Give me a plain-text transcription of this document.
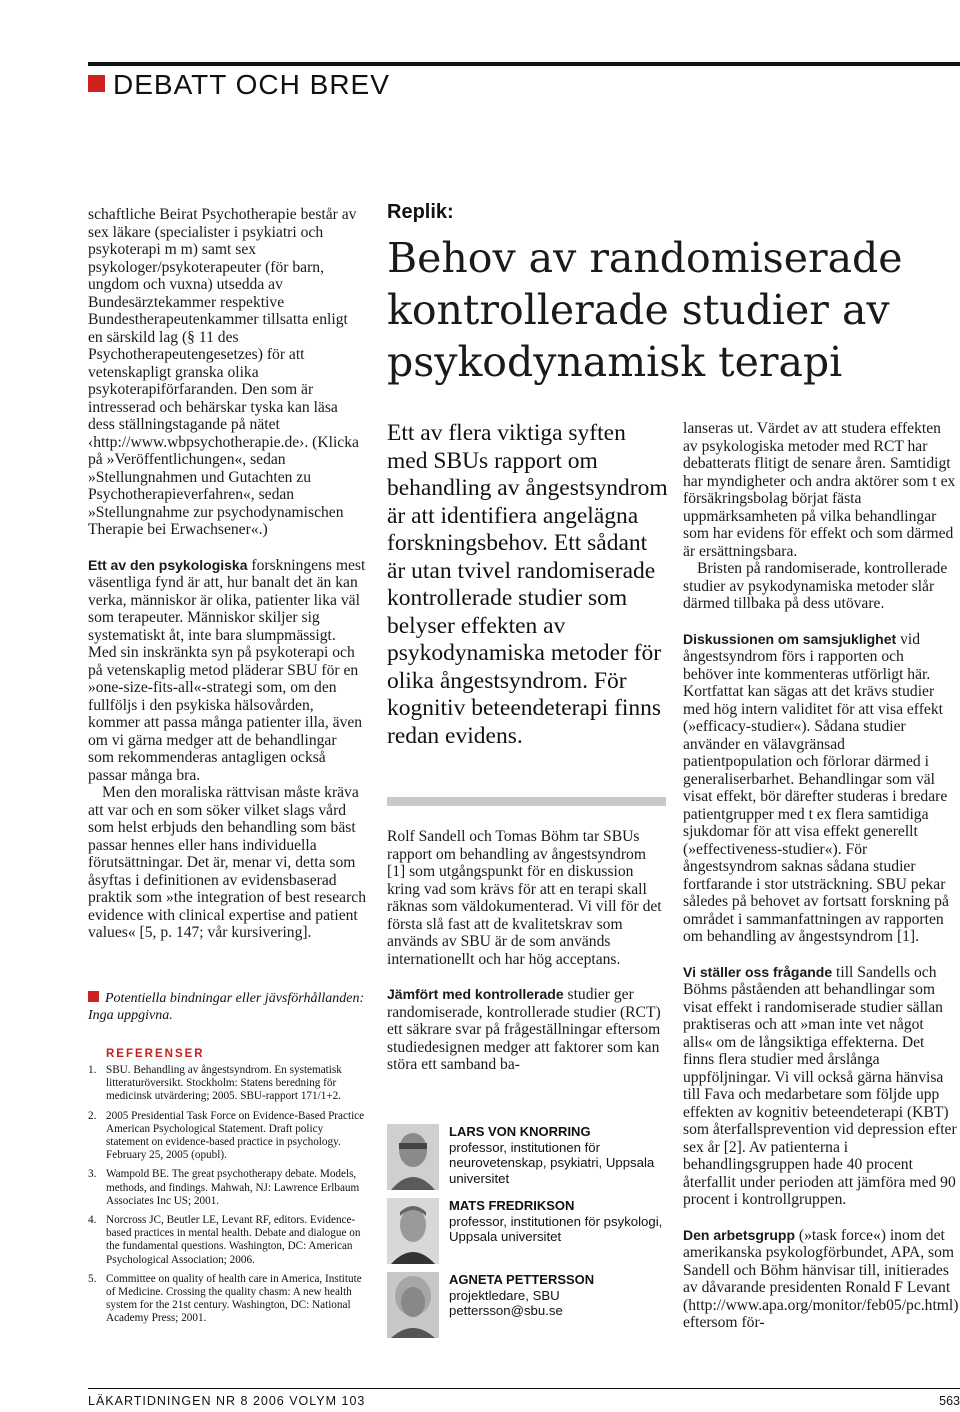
DEBATT OCH BREV

schaftliche Beirat Psychotherapie består av sex läkare (specialister i psykiatri och psykoterapi m m) samt sex psykologer/psykoterapeuter (för barn, ungdom och vuxna) utsedda av Bundesärztekammer respektive Bundestherapeutenkammer tillsatta enligt en särskild lag (§ 11 des Psychotherapeutengesetzes) för att vetenskapligt granska olika psykoterapiförfaranden. Den som är intresserad och behärskar tyska kan läsa dess ställningstagande på nätet ‹http://www.wbpsychotherapie.de›. (Klicka på »Veröffentlichungen«, sedan »Stellungnahmen und Gutachten zu Psychotherapieverfahren«, sedan »Stellungnahme zur psychodynamischen Therapie bei Erwachsener«.)

Ett av den psykologiska forskningens mest väsentliga fynd är att, hur banalt det än kan verka, människor är olika, patienter lika väl som terapeuter. Människor skiljer sig systematiskt åt, inte bara slumpmässigt. Med sin inskränkta syn på psykoterapi och på vetenskaplig metod pläderar SBU för en »one-size-fits-all«-strategi som, om den fullföljs i den psykiska hälsovården, kommer att passa många patienter illa, även om vi gärna medger att de behandlingar som rekommenderas antagligen också passar många bra.

Men den moraliska rättvisan måste kräva att var och en som söker vilket slags vård som helst erbjuds den behandling som bäst passar hennes eller hans individuella förutsättningar. Det är, menar vi, detta som åsyftas i definitionen av evidensbaserad praktik som »the integration of best research evidence with clinical expertise and patient values« [5, p. 147; vår kursivering].

Potentiella bindningar eller jävsförhållanden: Inga uppgivna.
REFERENSER
1. SBU. Behandling av ångestsyndrom. En systematisk litteraturöversikt. Stockholm: Statens beredning för medicinsk utvärdering; 2005. SBU-rapport 171/1+2.
2. 2005 Presidential Task Force on Evidence-Based Practice American Psychological Statement. Draft policy statement on evidence-based practice in psychology. February 25, 2005 (opubl).
3. Wampold BE. The great psychotherapy debate. Models, methods, and findings. Mahwah, NJ: Lawrence Erlbaum Associates Inc US; 2001.
4. Norcross JC, Beutler LE, Levant RF, editors. Evidence-based practices in mental health. Debate and dialogue on the fundamental questions. Washington, DC: American Psychological Association; 2006.
5. Committee on quality of health care in America, Institute of Medicine. Crossing the quality chasm: A new health system for the 21st century. Washington, DC: National Academy Press; 2001.
Replik:
Behov av randomiserade kontrollerade studier av psykodynamisk terapi
Ett av flera viktiga syften med SBUs rapport om behandling av ångestsyndrom är att identifiera angelägna forskningsbehov. Ett sådant är utan tvivel randomiserade kontrollerade studier som belyser effekten av psykodynamiska metoder för olika ångestsyndrom. För kognitiv beteendeterapi finns redan evidens.

Rolf Sandell och Tomas Böhm tar SBUs rapport om behandling av ångestsyndrom [1] som utgångspunkt för en diskussion kring vad som krävs för att en terapi skall räknas som väldokumenterad. Vi vill för det första slå fast att de kvalitetskrav som används av SBU är de som används internationellt och har hög acceptans.

Jämfört med kontrollerade studier ger randomiserade, kontrollerade studier (RCT) ett säkrare svar på frågeställningar eftersom studiedesignen medger att faktorer som kan störa ett samband ba-

LARS VON KNORRING
professor, institutionen för neurovetenskap, psykiatri, Uppsala universitet
MATS FREDRIKSON
professor, institutionen för psykologi, Uppsala universitet
AGNETA PETTERSSON
projektledare, SBU
pettersson@sbu.se

lanseras ut. Värdet av att studera effekten av psykologiska metoder med RCT har debatterats flitigt de senare åren. Samtidigt har myndigheter och andra aktörer som t ex försäkringsbolag börjat fästa uppmärksamheten på vilka behandlingar som har evidens för effekt och som därmed är ersättningsbara.

Bristen på randomiserade, kontrollerade studier av psykodynamiska metoder slår därmed tillbaka på dess utövare.

Diskussionen om samsjuklighet vid ångestsyndrom förs i rapporten och behöver inte kommenteras utförligt här. Kortfattat kan sägas att det krävs studier med hög intern validitet för att visa effekt (»efficacy-studier«). Sådana studier använder en välavgränsad patientpopulation och förlorar därmed i generaliserbarhet. Behandlingar som väl visat effekt, bör därefter studeras i bredare patientgrupper med t ex flera samtidiga sjukdomar för att visa effekt generellt (»effectiveness-studier«). För ångestsyndrom saknas sådana studier fortfarande i stor utsträckning. SBU pekar således på behovet av fortsatt forskning på området i sammanfattningen av rapporten om behandling av ångestsyndrom [1].

Vi ställer oss frågande till Sandells och Böhms påståenden att behandlingar som visat effekt i randomiserade studier sällan praktiseras och att »man inte vet något alls« om de långsiktiga effekterna. Det finns flera studier med årslånga uppföljningar. Vi vill också gärna hänvisa till Fava och medarbetare som följde upp effekten av kognitiv beteendeterapi (KBT) som återfallsprevention vid depression efter sex år [2]. Av patienterna i behandlingsgruppen hade 40 procent återfallit under perioden att jämföra med 90 procent i kontrollgruppen.

Den arbetsgrupp (»task force«) inom det amerikanska psykologförbundet, APA, som Sandell och Böhm hänvisar till, initierades av dåvarande presidenten Ronald F Levant (http://www.apa.org/monitor/feb05/pc.html) eftersom för-

LÄKARTIDNINGEN NR 8 2006 VOLYM 103	563
